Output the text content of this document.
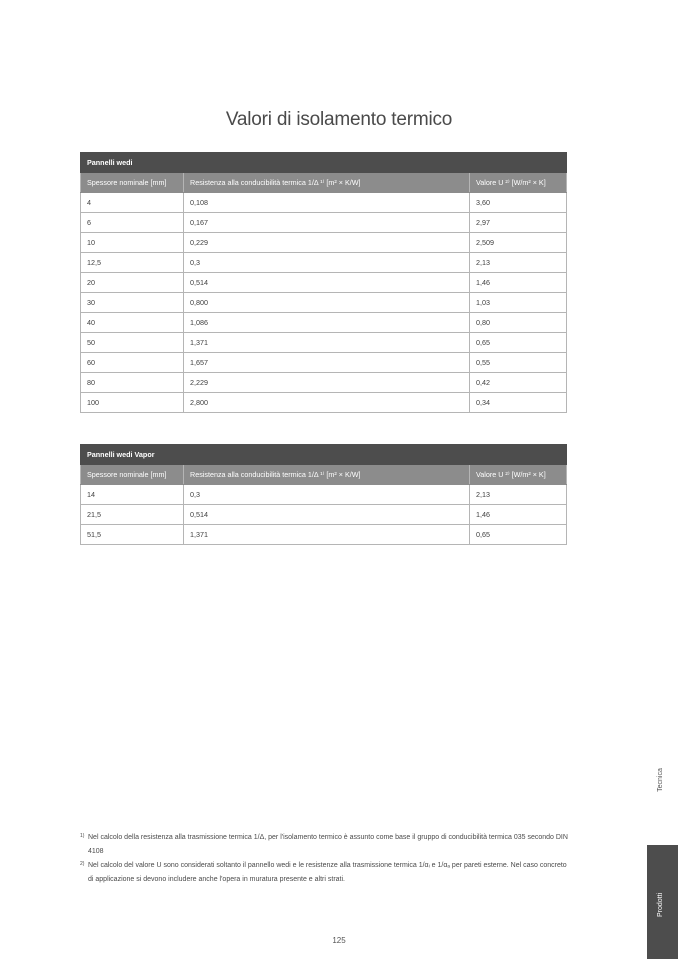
Valori di isolamento termico
Pannelli wedi		
Spessore nominale [mm]	Resistenza alla conducibilità termica 1/Δ ¹⁾ [m² × K/W]	Valore U ²⁾ [W/m² × K]
4	0,108	3,60
6	0,167	2,97
10	0,229	2,509
12,5	0,3	2,13
20	0,514	1,46
30	0,800	1,03
40	1,086	0,80
50	1,371	0,65
60	1,657	0,55
80	2,229	0,42
100	2,800	0,34
Pannelli wedi Vapor		
Spessore nominale [mm]	Resistenza alla conducibilità termica 1/Δ ¹⁾ [m² × K/W]	Valore U ²⁾ [W/m² × K]
14	0,3	2,13
21,5	0,514	1,46
51,5	1,371	0,65
1) Nel calcolo della resistenza alla trasmissione termica 1/Δ, per l'isolamento termico è assunto come base il gruppo di conducibilità termica 035 secondo DIN 4108
2) Nel calcolo del valore U sono considerati soltanto il pannello wedi e le resistenze alla trasmissione termica 1/αᵢ e 1/αₐ per pareti esterne. Nel caso concreto di applicazione si devono includere anche l'opera in muratura presente e altri strati.
125
Tecnica
Prodotti
